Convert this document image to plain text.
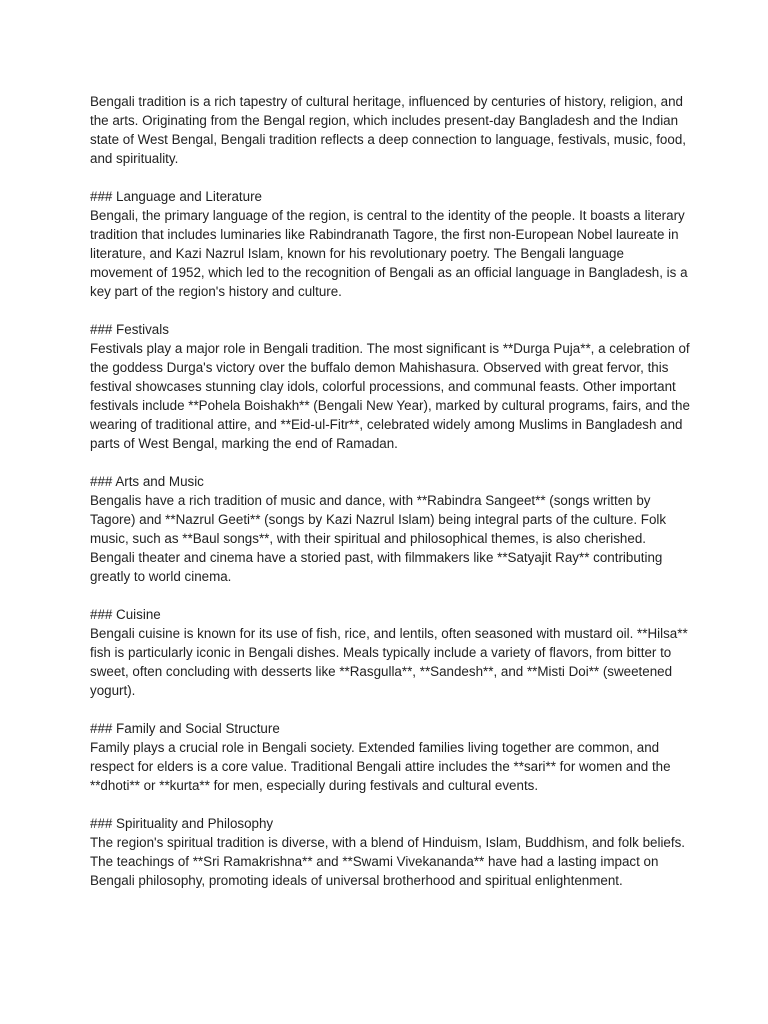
Bengali tradition is a rich tapestry of cultural heritage, influenced by centuries of history, religion, and the arts. Originating from the Bengal region, which includes present-day Bangladesh and the Indian state of West Bengal, Bengali tradition reflects a deep connection to language, festivals, music, food, and spirituality.

### Language and Literature

Bengali, the primary language of the region, is central to the identity of the people. It boasts a literary tradition that includes luminaries like Rabindranath Tagore, the first non-European Nobel laureate in literature, and Kazi Nazrul Islam, known for his revolutionary poetry. The Bengali language movement of 1952, which led to the recognition of Bengali as an official language in Bangladesh, is a key part of the region's history and culture.

### Festivals

Festivals play a major role in Bengali tradition. The most significant is **Durga Puja**, a celebration of the goddess Durga's victory over the buffalo demon Mahishasura. Observed with great fervor, this festival showcases stunning clay idols, colorful processions, and communal feasts. Other important festivals include **Pohela Boishakh** (Bengali New Year), marked by cultural programs, fairs, and the wearing of traditional attire, and **Eid-ul-Fitr**, celebrated widely among Muslims in Bangladesh and parts of West Bengal, marking the end of Ramadan.

### Arts and Music

Bengalis have a rich tradition of music and dance, with **Rabindra Sangeet** (songs written by Tagore) and **Nazrul Geeti** (songs by Kazi Nazrul Islam) being integral parts of the culture. Folk music, such as **Baul songs**, with their spiritual and philosophical themes, is also cherished. Bengali theater and cinema have a storied past, with filmmakers like **Satyajit Ray** contributing greatly to world cinema.

### Cuisine

Bengali cuisine is known for its use of fish, rice, and lentils, often seasoned with mustard oil. **Hilsa** fish is particularly iconic in Bengali dishes. Meals typically include a variety of flavors, from bitter to sweet, often concluding with desserts like **Rasgulla**, **Sandesh**, and **Misti Doi** (sweetened yogurt).

### Family and Social Structure

Family plays a crucial role in Bengali society. Extended families living together are common, and respect for elders is a core value. Traditional Bengali attire includes the **sari** for women and the **dhoti** or **kurta** for men, especially during festivals and cultural events.

### Spirituality and Philosophy

The region's spiritual tradition is diverse, with a blend of Hinduism, Islam, Buddhism, and folk beliefs. The teachings of **Sri Ramakrishna** and **Swami Vivekananda** have had a lasting impact on Bengali philosophy, promoting ideals of universal brotherhood and spiritual enlightenment.
